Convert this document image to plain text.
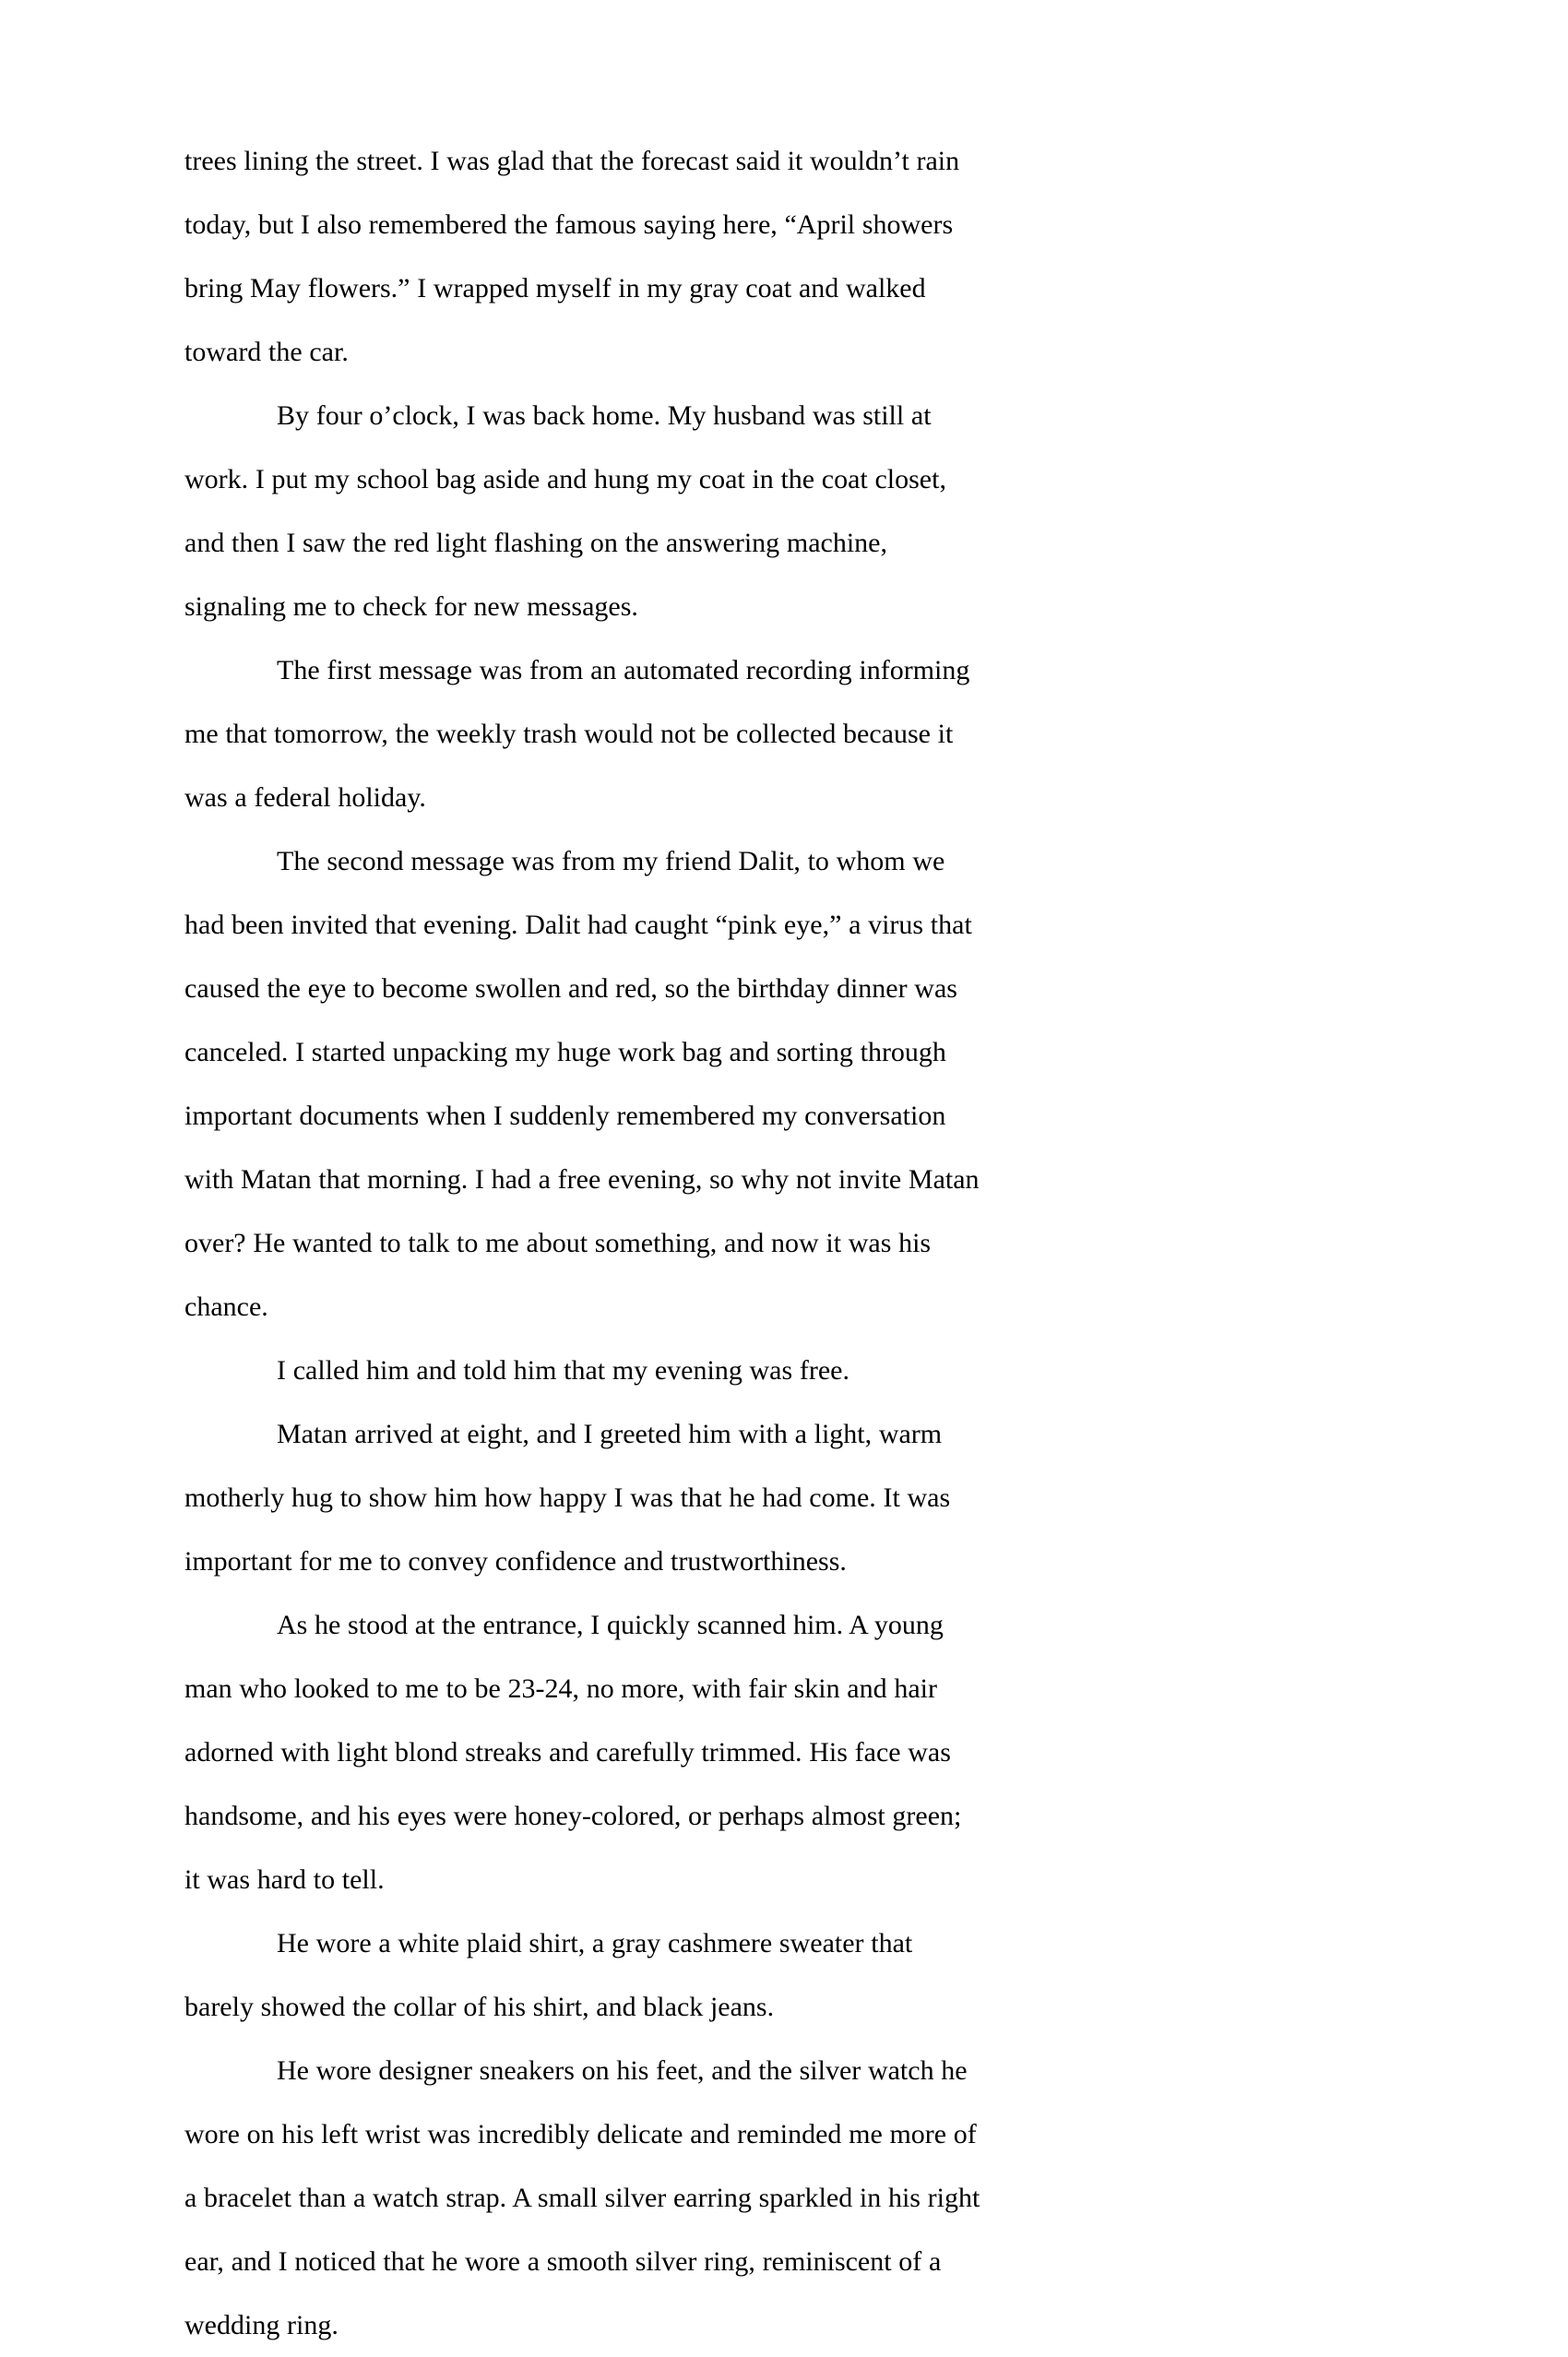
trees lining the street. I was glad that the forecast said it wouldn’t rain today, but I also remembered the famous saying here, “April showers bring May flowers.” I wrapped myself in my gray coat and walked toward the car.

By four o’clock, I was back home. My husband was still at work. I put my school bag aside and hung my coat in the coat closet, and then I saw the red light flashing on the answering machine, signaling me to check for new messages.

The first message was from an automated recording informing me that tomorrow, the weekly trash would not be collected because it was a federal holiday.

The second message was from my friend Dalit, to whom we had been invited that evening. Dalit had caught “pink eye,” a virus that caused the eye to become swollen and red, so the birthday dinner was canceled. I started unpacking my huge work bag and sorting through important documents when I suddenly remembered my conversation with Matan that morning. I had a free evening, so why not invite Matan over? He wanted to talk to me about something, and now it was his chance.

I called him and told him that my evening was free.

Matan arrived at eight, and I greeted him with a light, warm motherly hug to show him how happy I was that he had come. It was important for me to convey confidence and trustworthiness.

As he stood at the entrance, I quickly scanned him. A young man who looked to me to be 23-24, no more, with fair skin and hair adorned with light blond streaks and carefully trimmed. His face was handsome, and his eyes were honey-colored, or perhaps almost green; it was hard to tell.

He wore a white plaid shirt, a gray cashmere sweater that barely showed the collar of his shirt, and black jeans.

He wore designer sneakers on his feet, and the silver watch he wore on his left wrist was incredibly delicate and reminded me more of a bracelet than a watch strap. A small silver earring sparkled in his right ear, and I noticed that he wore a smooth silver ring, reminiscent of a wedding ring.
